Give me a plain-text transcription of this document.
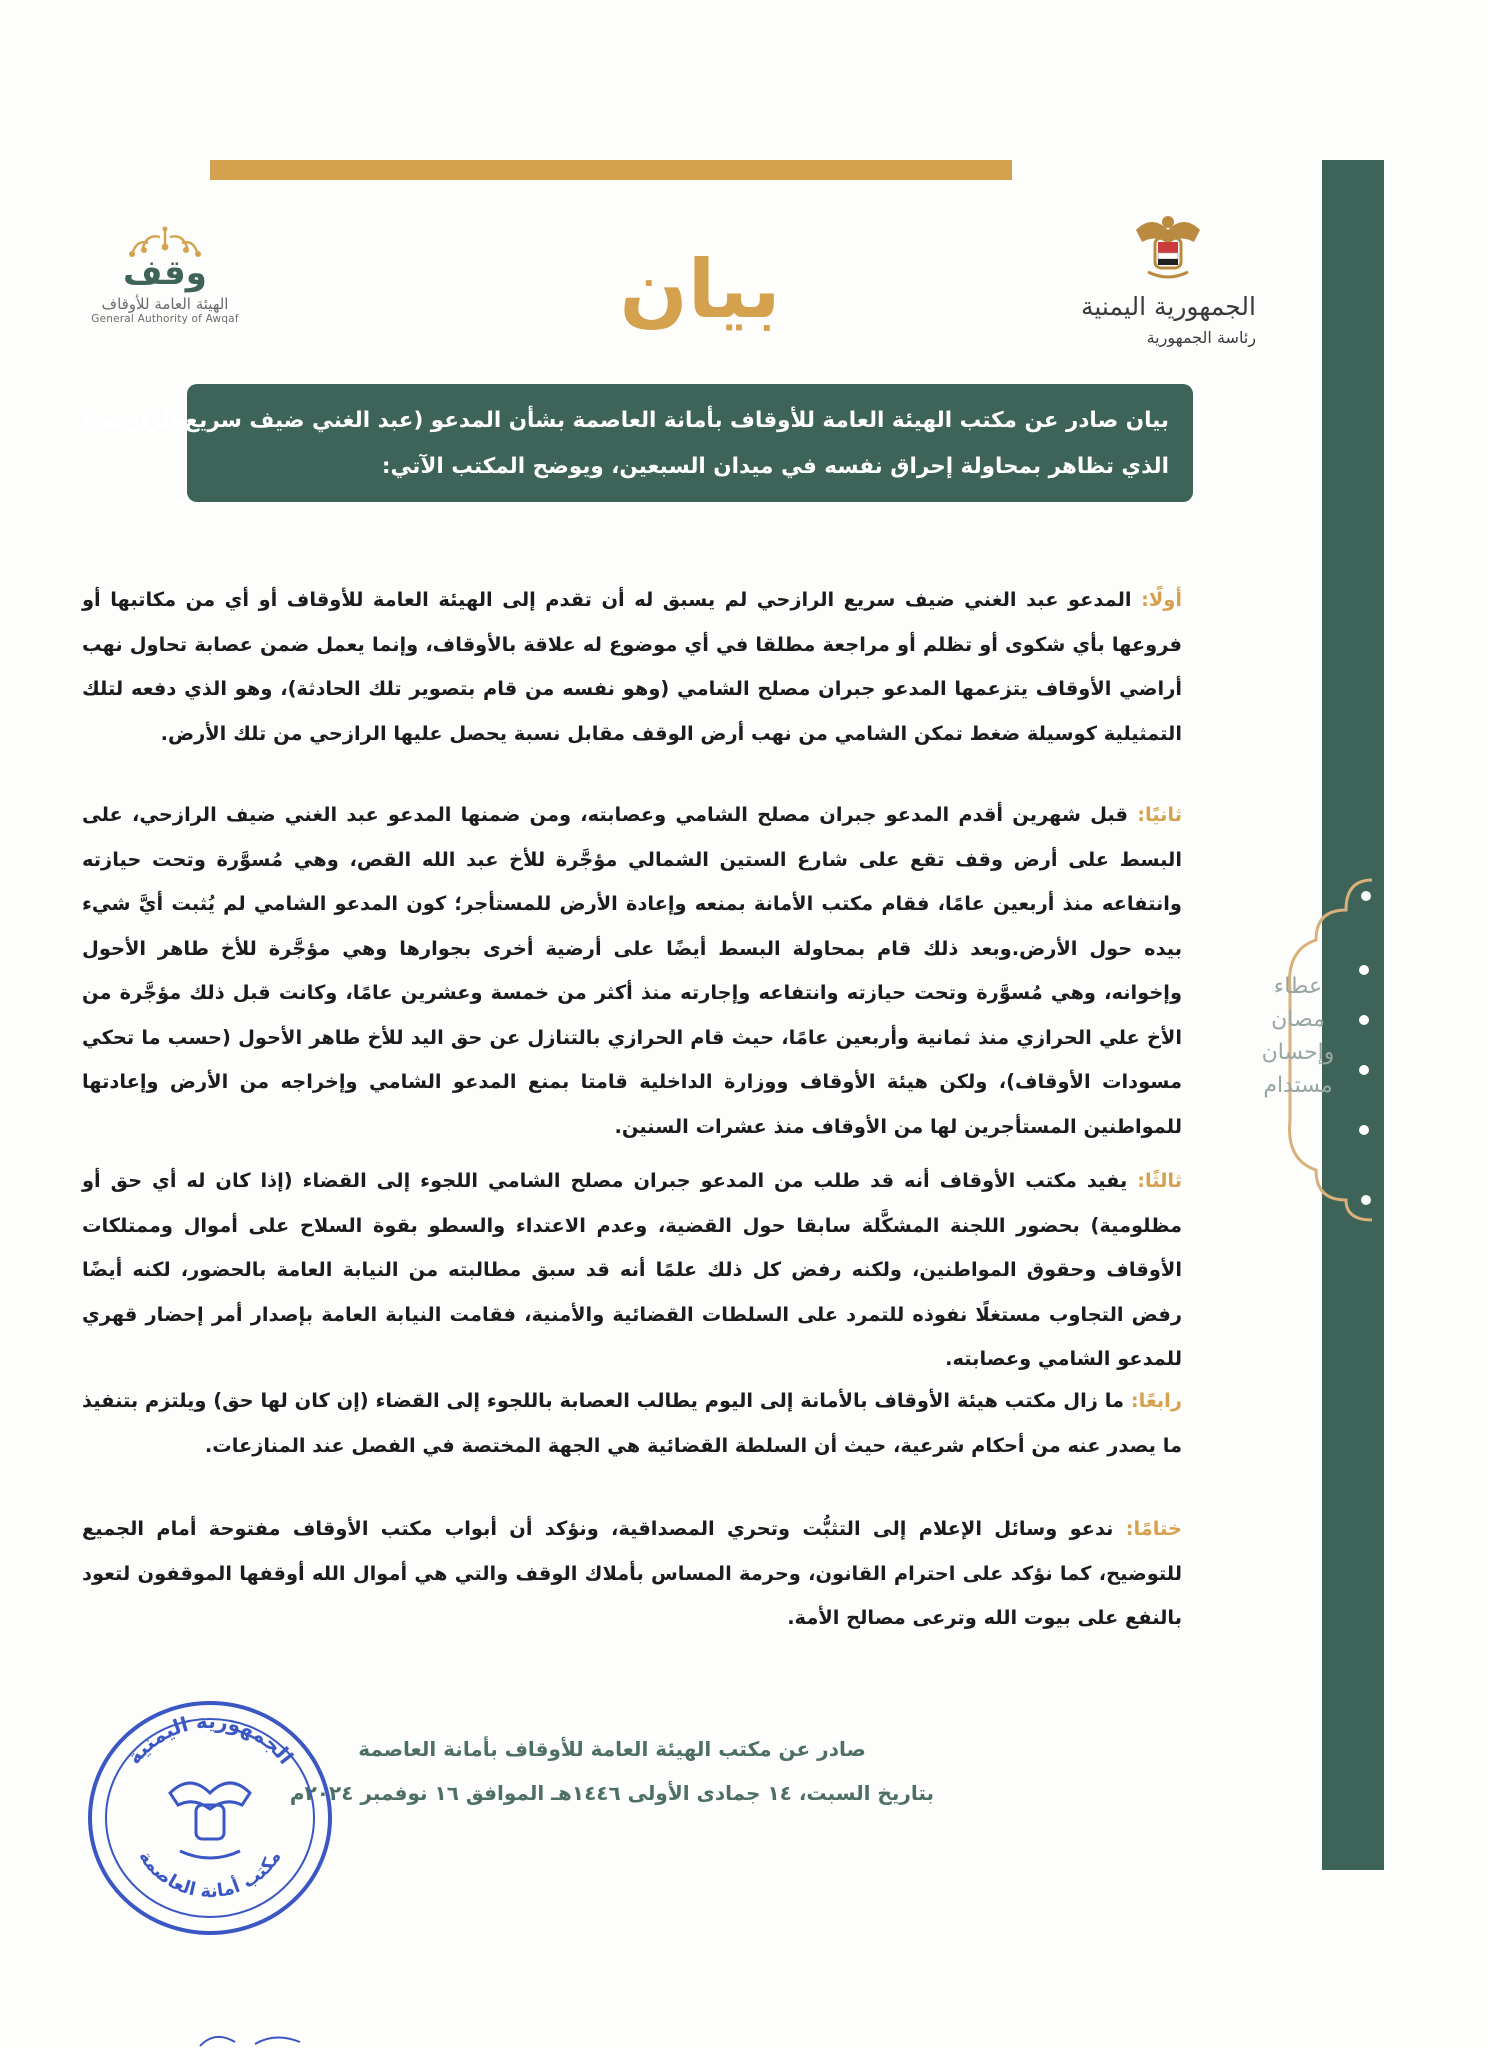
الجمهورية اليمنية
رئاسة الجمهورية
وقف
الهيئة العامة للأوقاف
General Authority of Awqaf	بيان

بيان صادر عن مكتب الهيئة العامة للأوقاف بأمانة العاصمة بشأن المدعو (عبد الغني ضيف سريع الرازحي)

الذي تظاهر بمحاولة إحراق نفسه في ميدان السبعين، ويوضح المكتب الآتي:

أولًا: المدعو عبد الغني ضيف سريع الرازحي لم يسبق له أن تقدم إلى الهيئة العامة للأوقاف أو أي من مكاتبها أو فروعها بأي شكوى أو تظلم أو مراجعة مطلقا في أي موضوع له علاقة بالأوقاف، وإنما يعمل ضمن عصابة تحاول نهب أراضي الأوقاف يتزعمها المدعو جبران مصلح الشامي (وهو نفسه من قام بتصوير تلك الحادثة)، وهو الذي دفعه لتلك التمثيلية كوسيلة ضغط تمكن الشامي من نهب أرض الوقف مقابل نسبة يحصل عليها الرازحي من تلك الأرض.

ثانيًا: قبل شهرين أقدم المدعو جبران مصلح الشامي وعصابته، ومن ضمنها المدعو عبد الغني ضيف الرازحي، على البسط على أرض وقف تقع على شارع الستين الشمالي مؤجَّرة للأخ عبد الله القص، وهي مُسوَّرة وتحت حيازته وانتفاعه منذ أربعين عامًا، فقام مكتب الأمانة بمنعه وإعادة الأرض للمستأجر؛ كون المدعو الشامي لم يُثبت أيَّ شيء بيده حول الأرض.وبعد ذلك قام بمحاولة البسط أيضًا على أرضية أخرى بجوارها وهي مؤجَّرة للأخ طاهر الأحول وإخوانه، وهي مُسوَّرة وتحت حيازته وانتفاعه وإجارته منذ أكثر من خمسة وعشرين عامًا، وكانت قبل ذلك مؤجَّرة من الأخ علي الحرازي منذ ثمانية وأربعين عامًا، حيث قام الحرازي بالتنازل عن حق اليد للأخ طاهر الأحول (حسب ما تحكي مسودات الأوقاف)، ولكن هيئة الأوقاف ووزارة الداخلية قامتا بمنع المدعو الشامي وإخراجه من الأرض وإعادتها للمواطنين المستأجرين لها من الأوقاف منذ عشرات السنين.

ثالثًا: يفيد مكتب الأوقاف أنه قد طلب من المدعو جبران مصلح الشامي اللجوء إلى القضاء (إذا كان له أي حق أو مظلومية) بحضور اللجنة المشكَّلة سابقا حول القضية، وعدم الاعتداء والسطو بقوة السلاح على أموال وممتلكات الأوقاف وحقوق المواطنين، ولكنه رفض كل ذلك علمًا أنه قد سبق مطالبته من النيابة العامة بالحضور، لكنه أيضًا رفض التجاوب مستغلًا نفوذه للتمرد على السلطات القضائية والأمنية، فقامت النيابة العامة بإصدار أمر إحضار قهري للمدعو الشامي وعصابته.

رابعًا: ما زال مكتب هيئة الأوقاف بالأمانة إلى اليوم يطالب العصابة باللجوء إلى القضاء (إن كان لها حق) ويلتزم بتنفيذ ما يصدر عنه من أحكام شرعية، حيث أن السلطة القضائية هي الجهة المختصة في الفصل عند المنازعات.

ختامًا: ندعو وسائل الإعلام إلى التثبُّت وتحري المصداقية، ونؤكد أن أبواب مكتب الأوقاف مفتوحة أمام الجميع للتوضيح، كما نؤكد على احترام القانون، وحرمة المساس بأملاك الوقف والتي هي أموال الله أوقفها الموقفون لتعود بالنفع على بيوت الله وترعى مصالح الأمة.

صادر عن مكتب الهيئة العامة للأوقاف بأمانة العاصمة
بتاريخ السبت، ١٤ جمادى الأولى ١٤٤٦هـ الموافق ١٦ نوفمبر ٢٠٢٤م
عطاء
مصان
وإحسان
مستدام
الجمهورية اليمنية
مكتب أمانة العاصمة
